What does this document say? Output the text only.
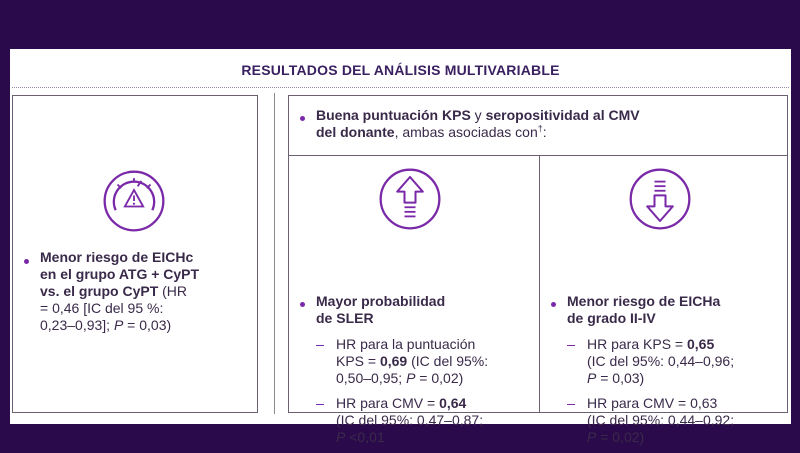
RESULTADOS DEL ANÁLISIS MULTIVARIABLE
Menor riesgo de EICHc
en el grupo ATG + CyPT
vs. el grupo CyPT (HR
= 0,46 [IC del 95 %:
0,23–0,93]; P = 0,03)
Buena puntuación KPS y seropositividad al CMV
del donante, ambas asociadas con†:
Mayor probabilidad
de SLER
HR para la puntuación
KPS = 0,69 (IC del 95%:
0,50–0,95; P = 0,02)
HR para CMV = 0,64
(IC del 95%: 0,47–0,87;
P <0,01
Menor riesgo de EICHa
de grado II-IV
HR para KPS = 0,65
(IC del 95%: 0,44–0,96;
P = 0,03)
HR para CMV = 0,63
(IC del 95%: 0,44–0,92;
P = 0,02)
